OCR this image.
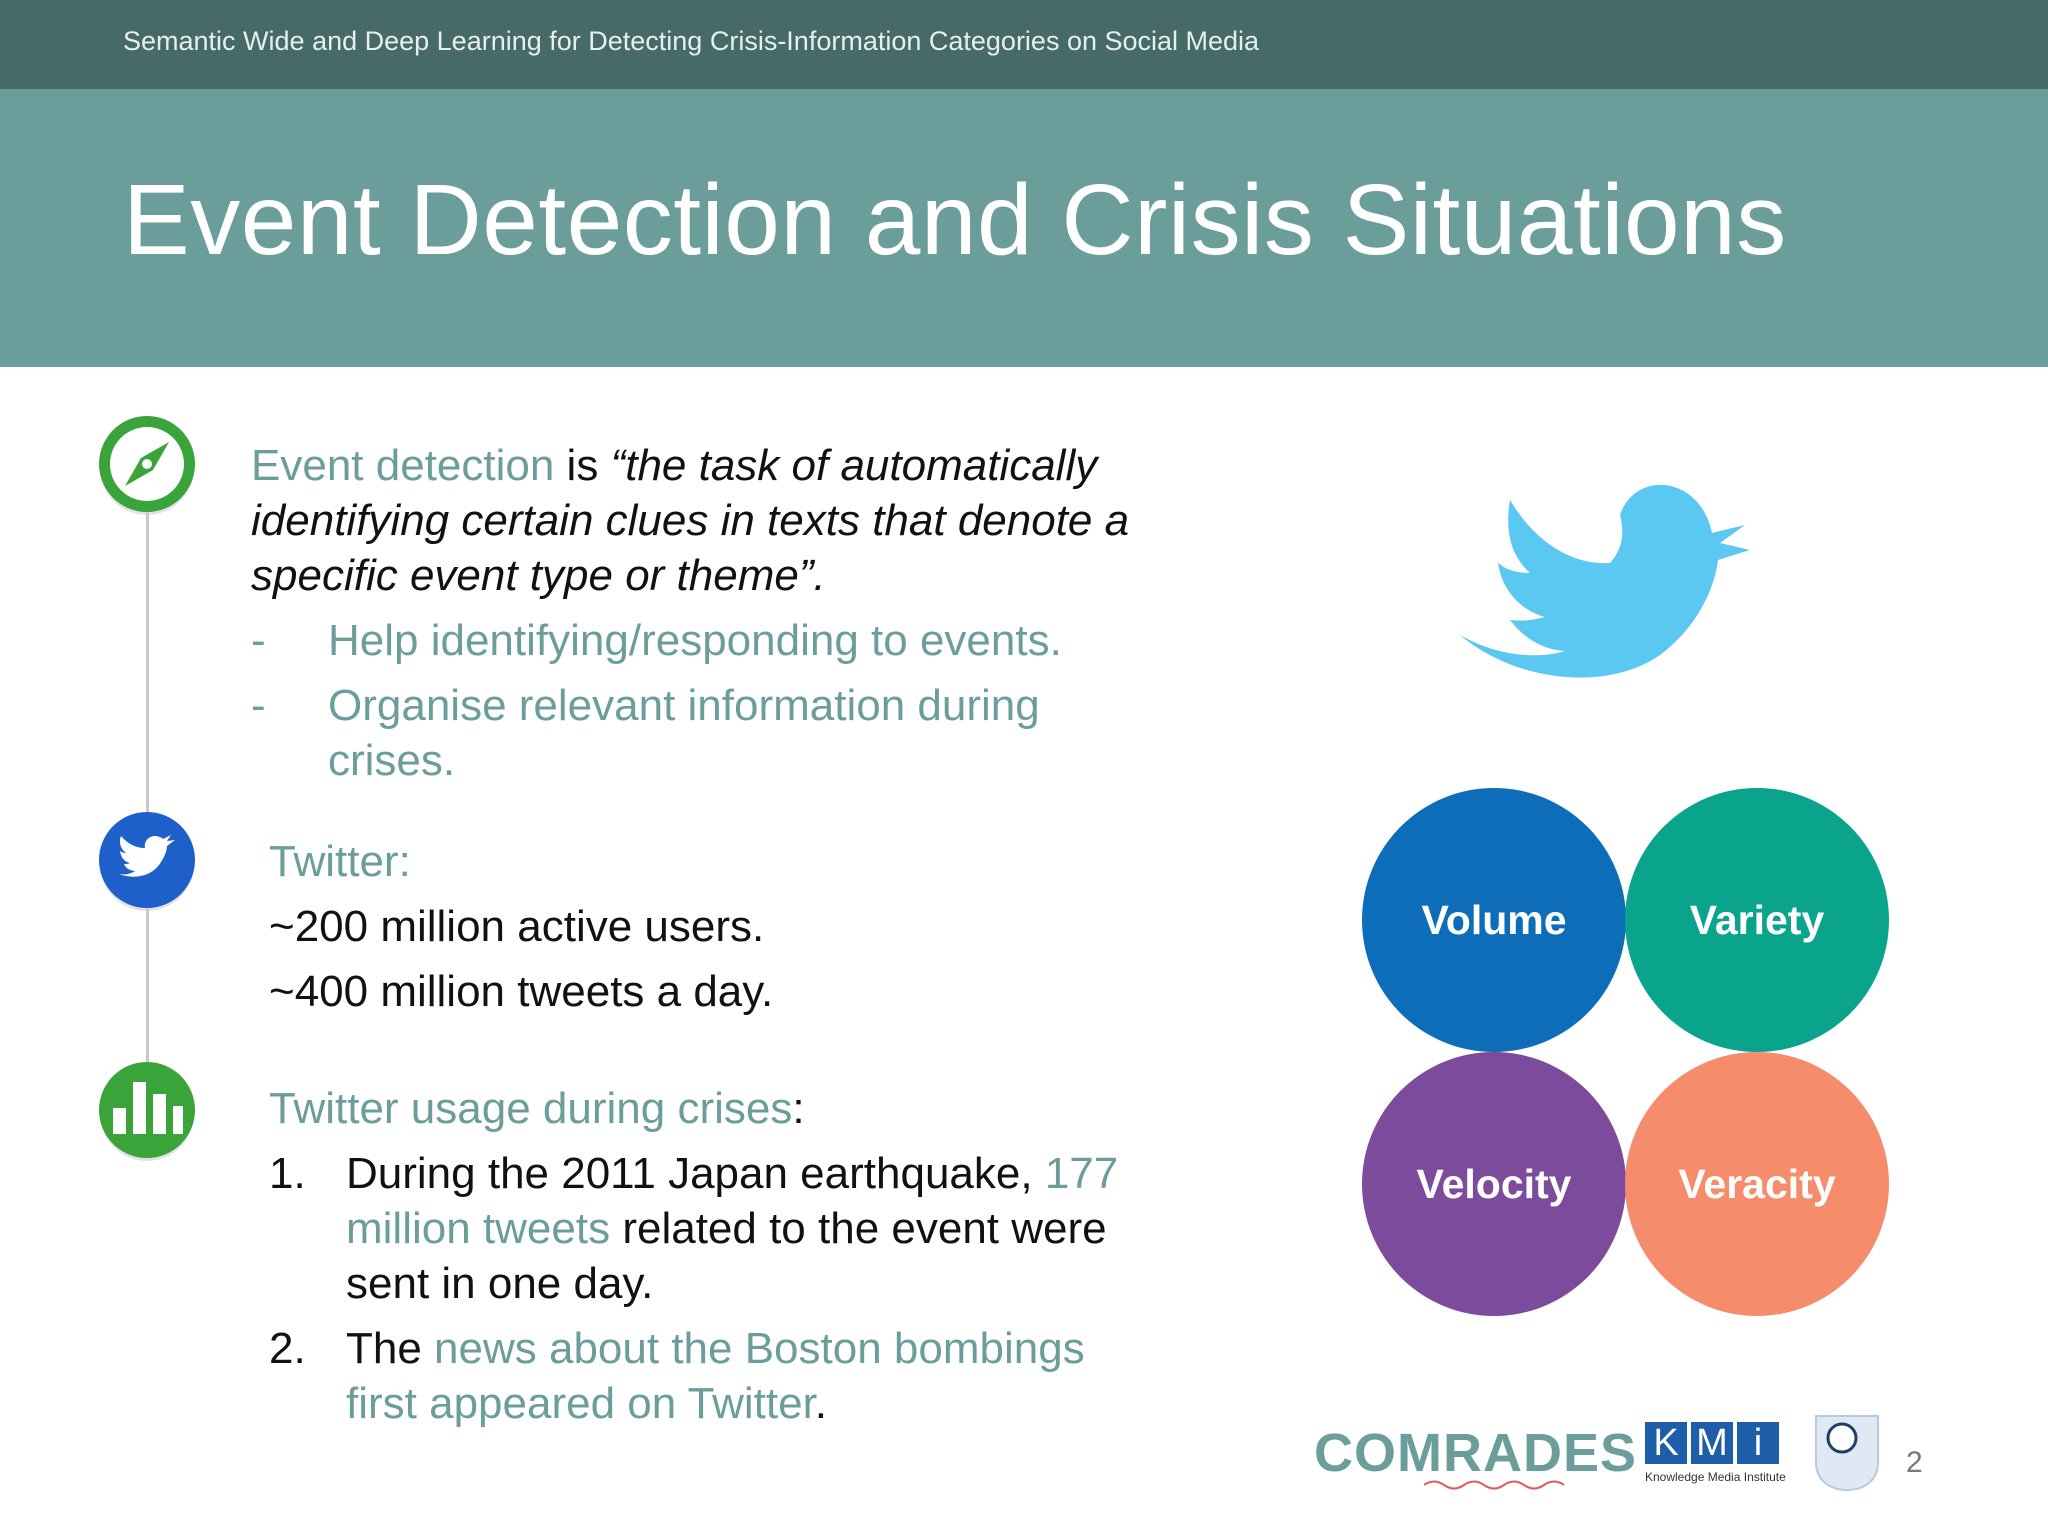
Semantic Wide and Deep Learning for Detecting Crisis-Information Categories on Social Media
Event Detection and Crisis Situations
Event detection is “the task of automatically identifying certain clues in texts that denote a specific event type or theme”.
- Help identifying/responding to events.
- Organise relevant information during crises.
Twitter:
~200 million active users.
~400 million tweets a day.
Twitter usage during crises:
1. During the 2011 Japan earthquake, 177 million tweets related to the event were sent in one day.
2. The news about the Boston bombings first appeared on Twitter.
Volume	Variety
Velocity	Veracity
COMRADES K M i
Knowledge Media Institute	2
